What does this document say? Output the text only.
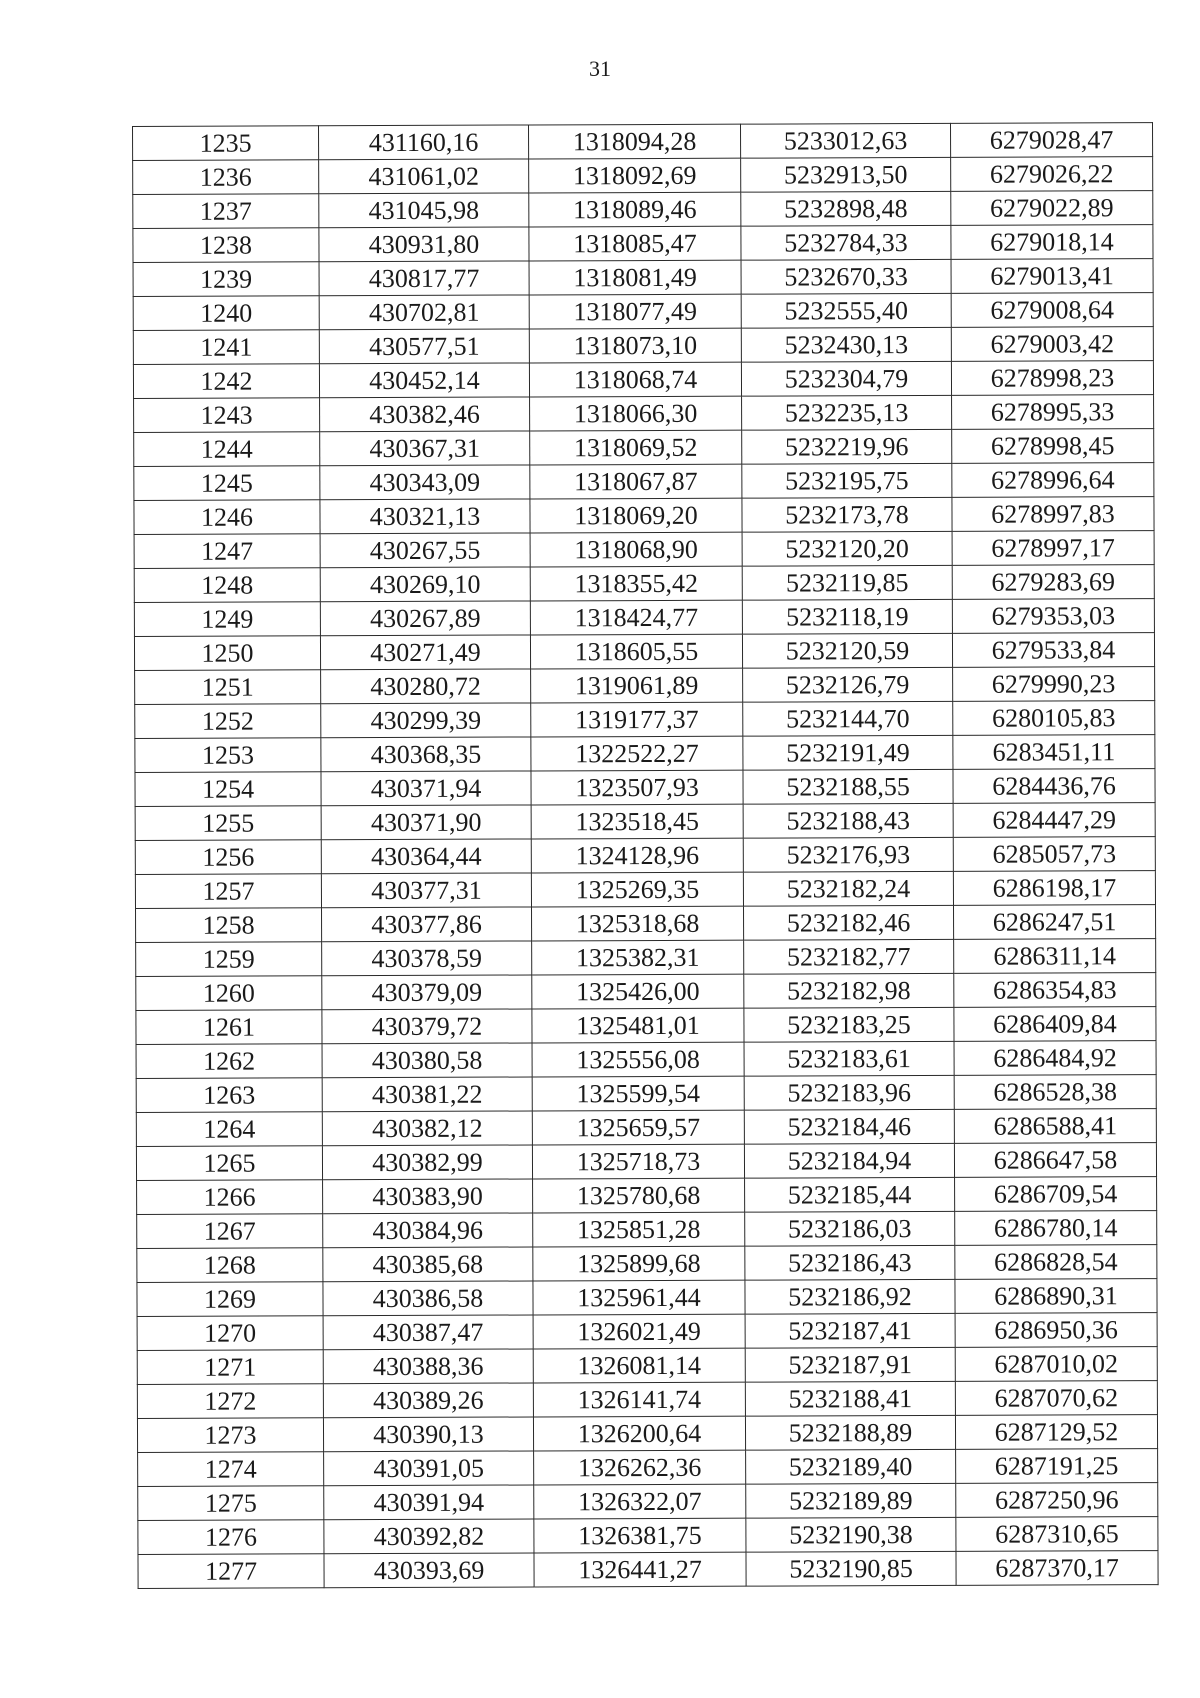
31
1235	431160,16	1318094,28	5233012,63	6279028,47
1236	431061,02	1318092,69	5232913,50	6279026,22
1237	431045,98	1318089,46	5232898,48	6279022,89
1238	430931,80	1318085,47	5232784,33	6279018,14
1239	430817,77	1318081,49	5232670,33	6279013,41
1240	430702,81	1318077,49	5232555,40	6279008,64
1241	430577,51	1318073,10	5232430,13	6279003,42
1242	430452,14	1318068,74	5232304,79	6278998,23
1243	430382,46	1318066,30	5232235,13	6278995,33
1244	430367,31	1318069,52	5232219,96	6278998,45
1245	430343,09	1318067,87	5232195,75	6278996,64
1246	430321,13	1318069,20	5232173,78	6278997,83
1247	430267,55	1318068,90	5232120,20	6278997,17
1248	430269,10	1318355,42	5232119,85	6279283,69
1249	430267,89	1318424,77	5232118,19	6279353,03
1250	430271,49	1318605,55	5232120,59	6279533,84
1251	430280,72	1319061,89	5232126,79	6279990,23
1252	430299,39	1319177,37	5232144,70	6280105,83
1253	430368,35	1322522,27	5232191,49	6283451,11
1254	430371,94	1323507,93	5232188,55	6284436,76
1255	430371,90	1323518,45	5232188,43	6284447,29
1256	430364,44	1324128,96	5232176,93	6285057,73
1257	430377,31	1325269,35	5232182,24	6286198,17
1258	430377,86	1325318,68	5232182,46	6286247,51
1259	430378,59	1325382,31	5232182,77	6286311,14
1260	430379,09	1325426,00	5232182,98	6286354,83
1261	430379,72	1325481,01	5232183,25	6286409,84
1262	430380,58	1325556,08	5232183,61	6286484,92
1263	430381,22	1325599,54	5232183,96	6286528,38
1264	430382,12	1325659,57	5232184,46	6286588,41
1265	430382,99	1325718,73	5232184,94	6286647,58
1266	430383,90	1325780,68	5232185,44	6286709,54
1267	430384,96	1325851,28	5232186,03	6286780,14
1268	430385,68	1325899,68	5232186,43	6286828,54
1269	430386,58	1325961,44	5232186,92	6286890,31
1270	430387,47	1326021,49	5232187,41	6286950,36
1271	430388,36	1326081,14	5232187,91	6287010,02
1272	430389,26	1326141,74	5232188,41	6287070,62
1273	430390,13	1326200,64	5232188,89	6287129,52
1274	430391,05	1326262,36	5232189,40	6287191,25
1275	430391,94	1326322,07	5232189,89	6287250,96
1276	430392,82	1326381,75	5232190,38	6287310,65
1277	430393,69	1326441,27	5232190,85	6287370,17
